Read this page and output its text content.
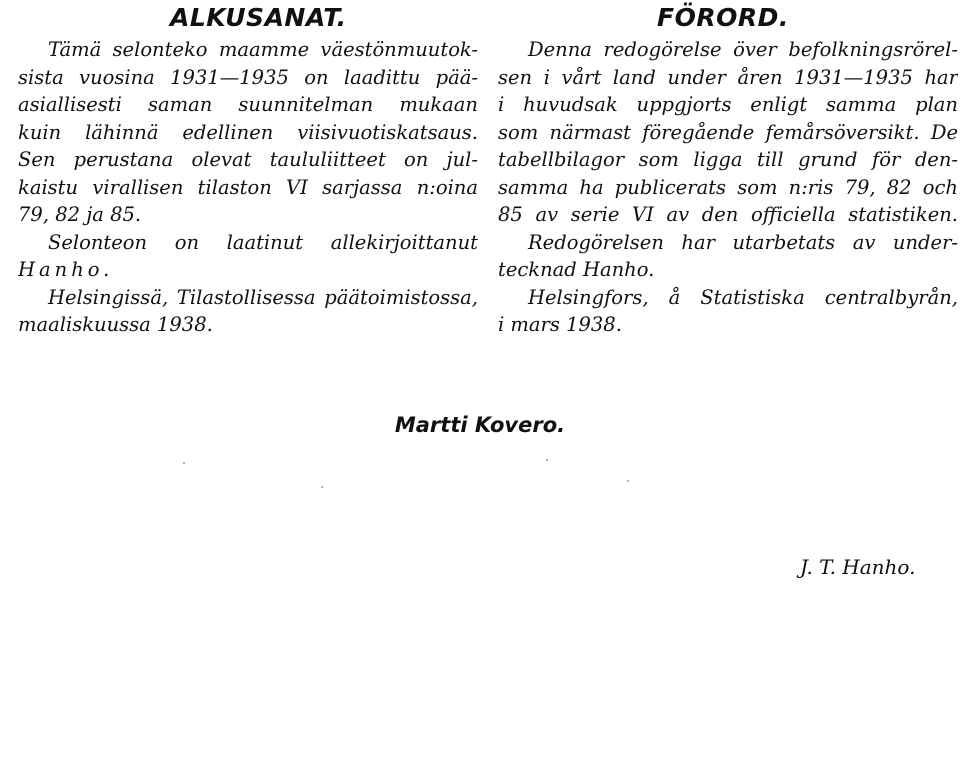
ALKUSANAT.
Tämä selonteko maamme väestönmuutok-
sista vuosina 1931—1935 on laadittu pää-
asiallisesti saman suunnitelman mukaan
kuin lähinnä edellinen viisivuotiskatsaus.
Sen perustana olevat taululiitteet on jul-
kaistu virallisen tilaston VI sarjassa n:oina
79, 82 ja 85.
Selonteon on laatinut allekirjoittanut
Hanho.
Helsingissä, Tilastollisessa päätoimistossa,
maaliskuussa 1938.
FÖRORD.
Denna redogörelse över befolkningsrörel-
sen i vårt land under åren 1931—1935 har
i huvudsak uppgjorts enligt samma plan
som närmast föregående femårsöversikt. De
tabellbilagor som ligga till grund för den-
samma ha publicerats som n:ris 79, 82 och
85 av serie VI av den officiella statistiken.
Redogörelsen har utarbetats av under-
tecknad Hanho.
Helsingfors, å Statistiska centralbyrån,
i mars 1938.
Martti Kovero.
J. T. Hanho.
